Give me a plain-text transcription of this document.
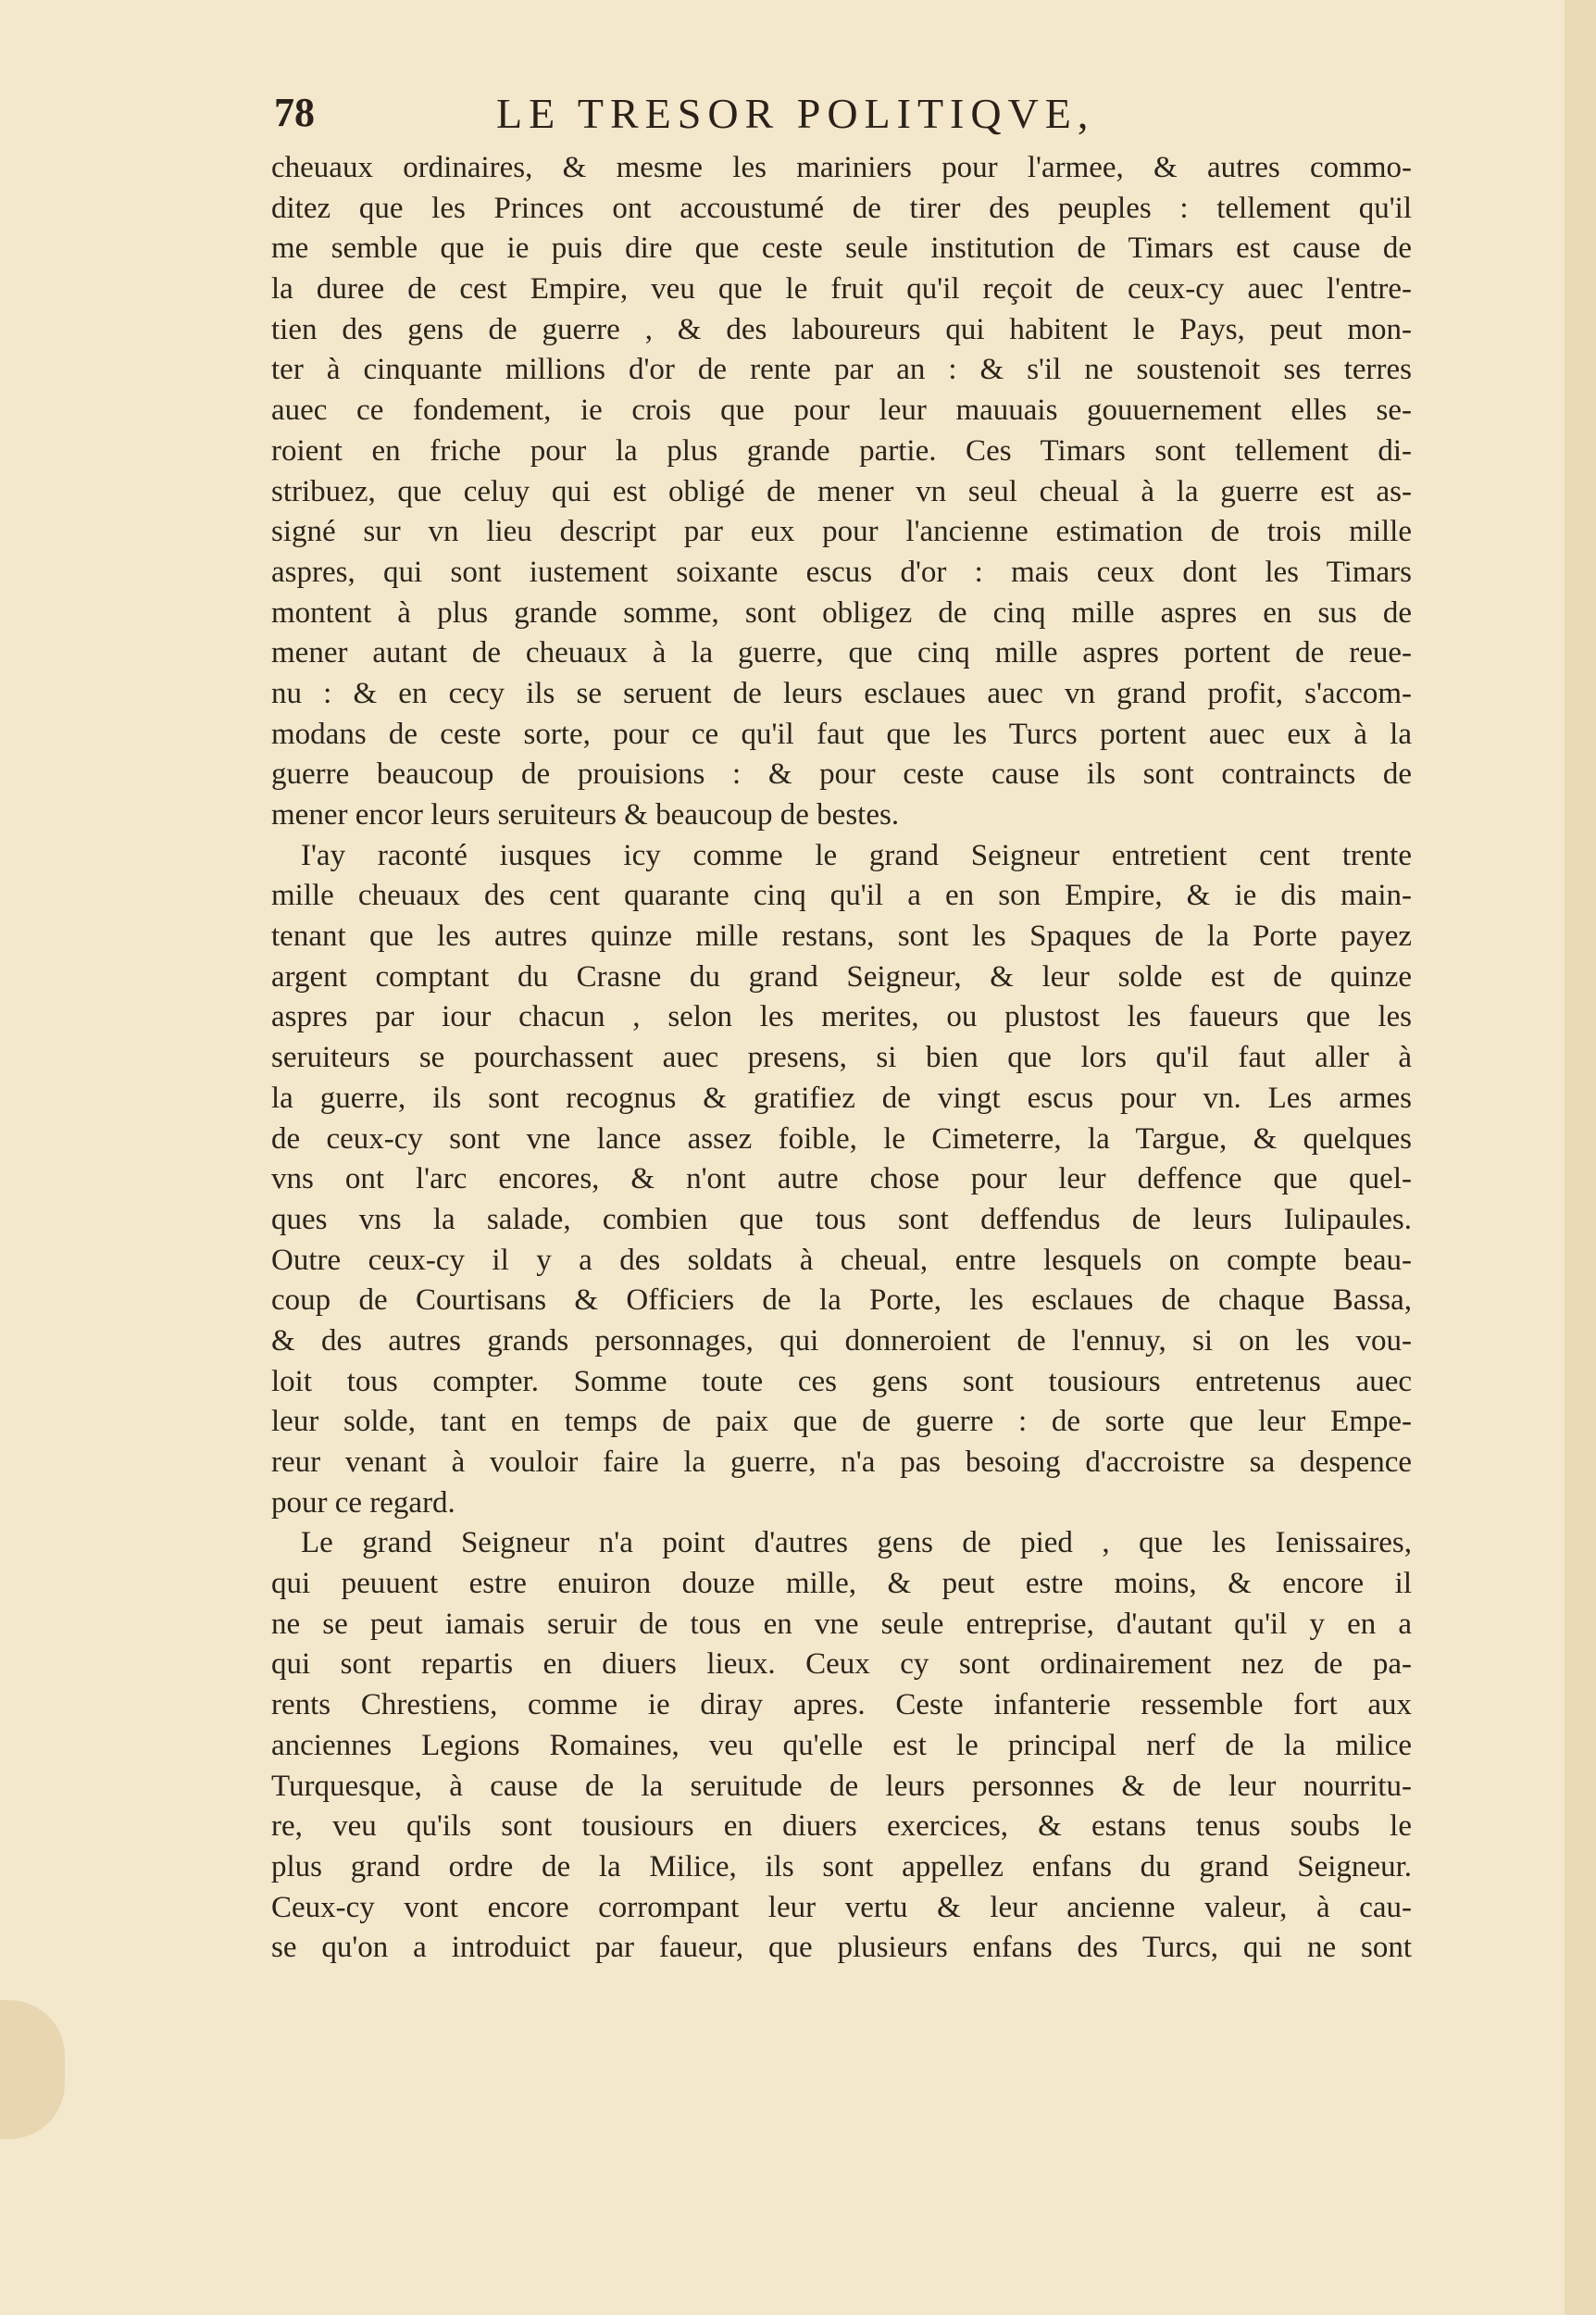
78	LE TRESOR POLITIQVE,
cheuaux ordinaires, & mesme les mariniers pour l'armee, & autres commo-
ditez que les Princes ont accoustumé de tirer des peuples : tellement qu'il
me semble que ie puis dire que ceste seule institution de Timars est cause de
la duree de cest Empire, veu que le fruit qu'il reçoit de ceux-cy auec l'entre-
tien des gens de guerre , & des laboureurs qui habitent le Pays, peut mon-
ter à cinquante millions d'or de rente par an : & s'il ne soustenoit ses terres
auec ce fondement, ie crois que pour leur mauuais gouuernement elles se-
roient en friche pour la plus grande partie. Ces Timars sont tellement di-
stribuez, que celuy qui est obligé de mener vn seul cheual à la guerre est as-
signé sur vn lieu descript par eux pour l'ancienne estimation de trois mille
aspres, qui sont iustement soixante escus d'or : mais ceux dont les Timars
montent à plus grande somme, sont obligez de cinq mille aspres en sus de
mener autant de cheuaux à la guerre, que cinq mille aspres portent de reue-
nu : & en cecy ils se seruent de leurs esclaues auec vn grand profit, s'accom-
modans de ceste sorte, pour ce qu'il faut que les Turcs portent auec eux à la
guerre beaucoup de prouisions : & pour ceste cause ils sont contraincts de
mener encor leurs seruiteurs & beaucoup de bestes.
I'ay raconté iusques icy comme le grand Seigneur entretient cent trente
mille cheuaux des cent quarante cinq qu'il a en son Empire, & ie dis main-
tenant que les autres quinze mille restans, sont les Spaques de la Porte payez
argent comptant du Crasne du grand Seigneur, & leur solde est de quinze
aspres par iour chacun , selon les merites, ou plustost les faueurs que les
seruiteurs se pourchassent auec presens, si bien que lors qu'il faut aller à
la guerre, ils sont recognus & gratifiez de vingt escus pour vn. Les armes
de ceux-cy sont vne lance assez foible, le Cimeterre, la Targue, & quelques
vns ont l'arc encores, & n'ont autre chose pour leur deffence que quel-
ques vns la salade, combien que tous sont deffendus de leurs Iulipaules.
Outre ceux-cy il y a des soldats à cheual, entre lesquels on compte beau-
coup de Courtisans & Officiers de la Porte, les esclaues de chaque Bassa,
& des autres grands personnages, qui donneroient de l'ennuy, si on les vou-
loit tous compter. Somme toute ces gens sont tousiours entretenus auec
leur solde, tant en temps de paix que de guerre : de sorte que leur Empe-
reur venant à vouloir faire la guerre, n'a pas besoing d'accroistre sa despence
pour ce regard.
Le grand Seigneur n'a point d'autres gens de pied , que les Ienissaires,
qui peuuent estre enuiron douze mille, & peut estre moins, & encore il
ne se peut iamais seruir de tous en vne seule entreprise, d'autant qu'il y en a
qui sont repartis en diuers lieux. Ceux cy sont ordinairement nez de pa-
rents Chrestiens, comme ie diray apres. Ceste infanterie ressemble fort aux
anciennes Legions Romaines, veu qu'elle est le principal nerf de la milice
Turquesque, à cause de la seruitude de leurs personnes & de leur nourritu-
re, veu qu'ils sont tousiours en diuers exercices, & estans tenus soubs le
plus grand ordre de la Milice, ils sont appellez enfans du grand Seigneur.
Ceux-cy vont encore corrompant leur vertu & leur ancienne valeur, à cau-
se qu'on a introduict par faueur, que plusieurs enfans des Turcs, qui ne sont
